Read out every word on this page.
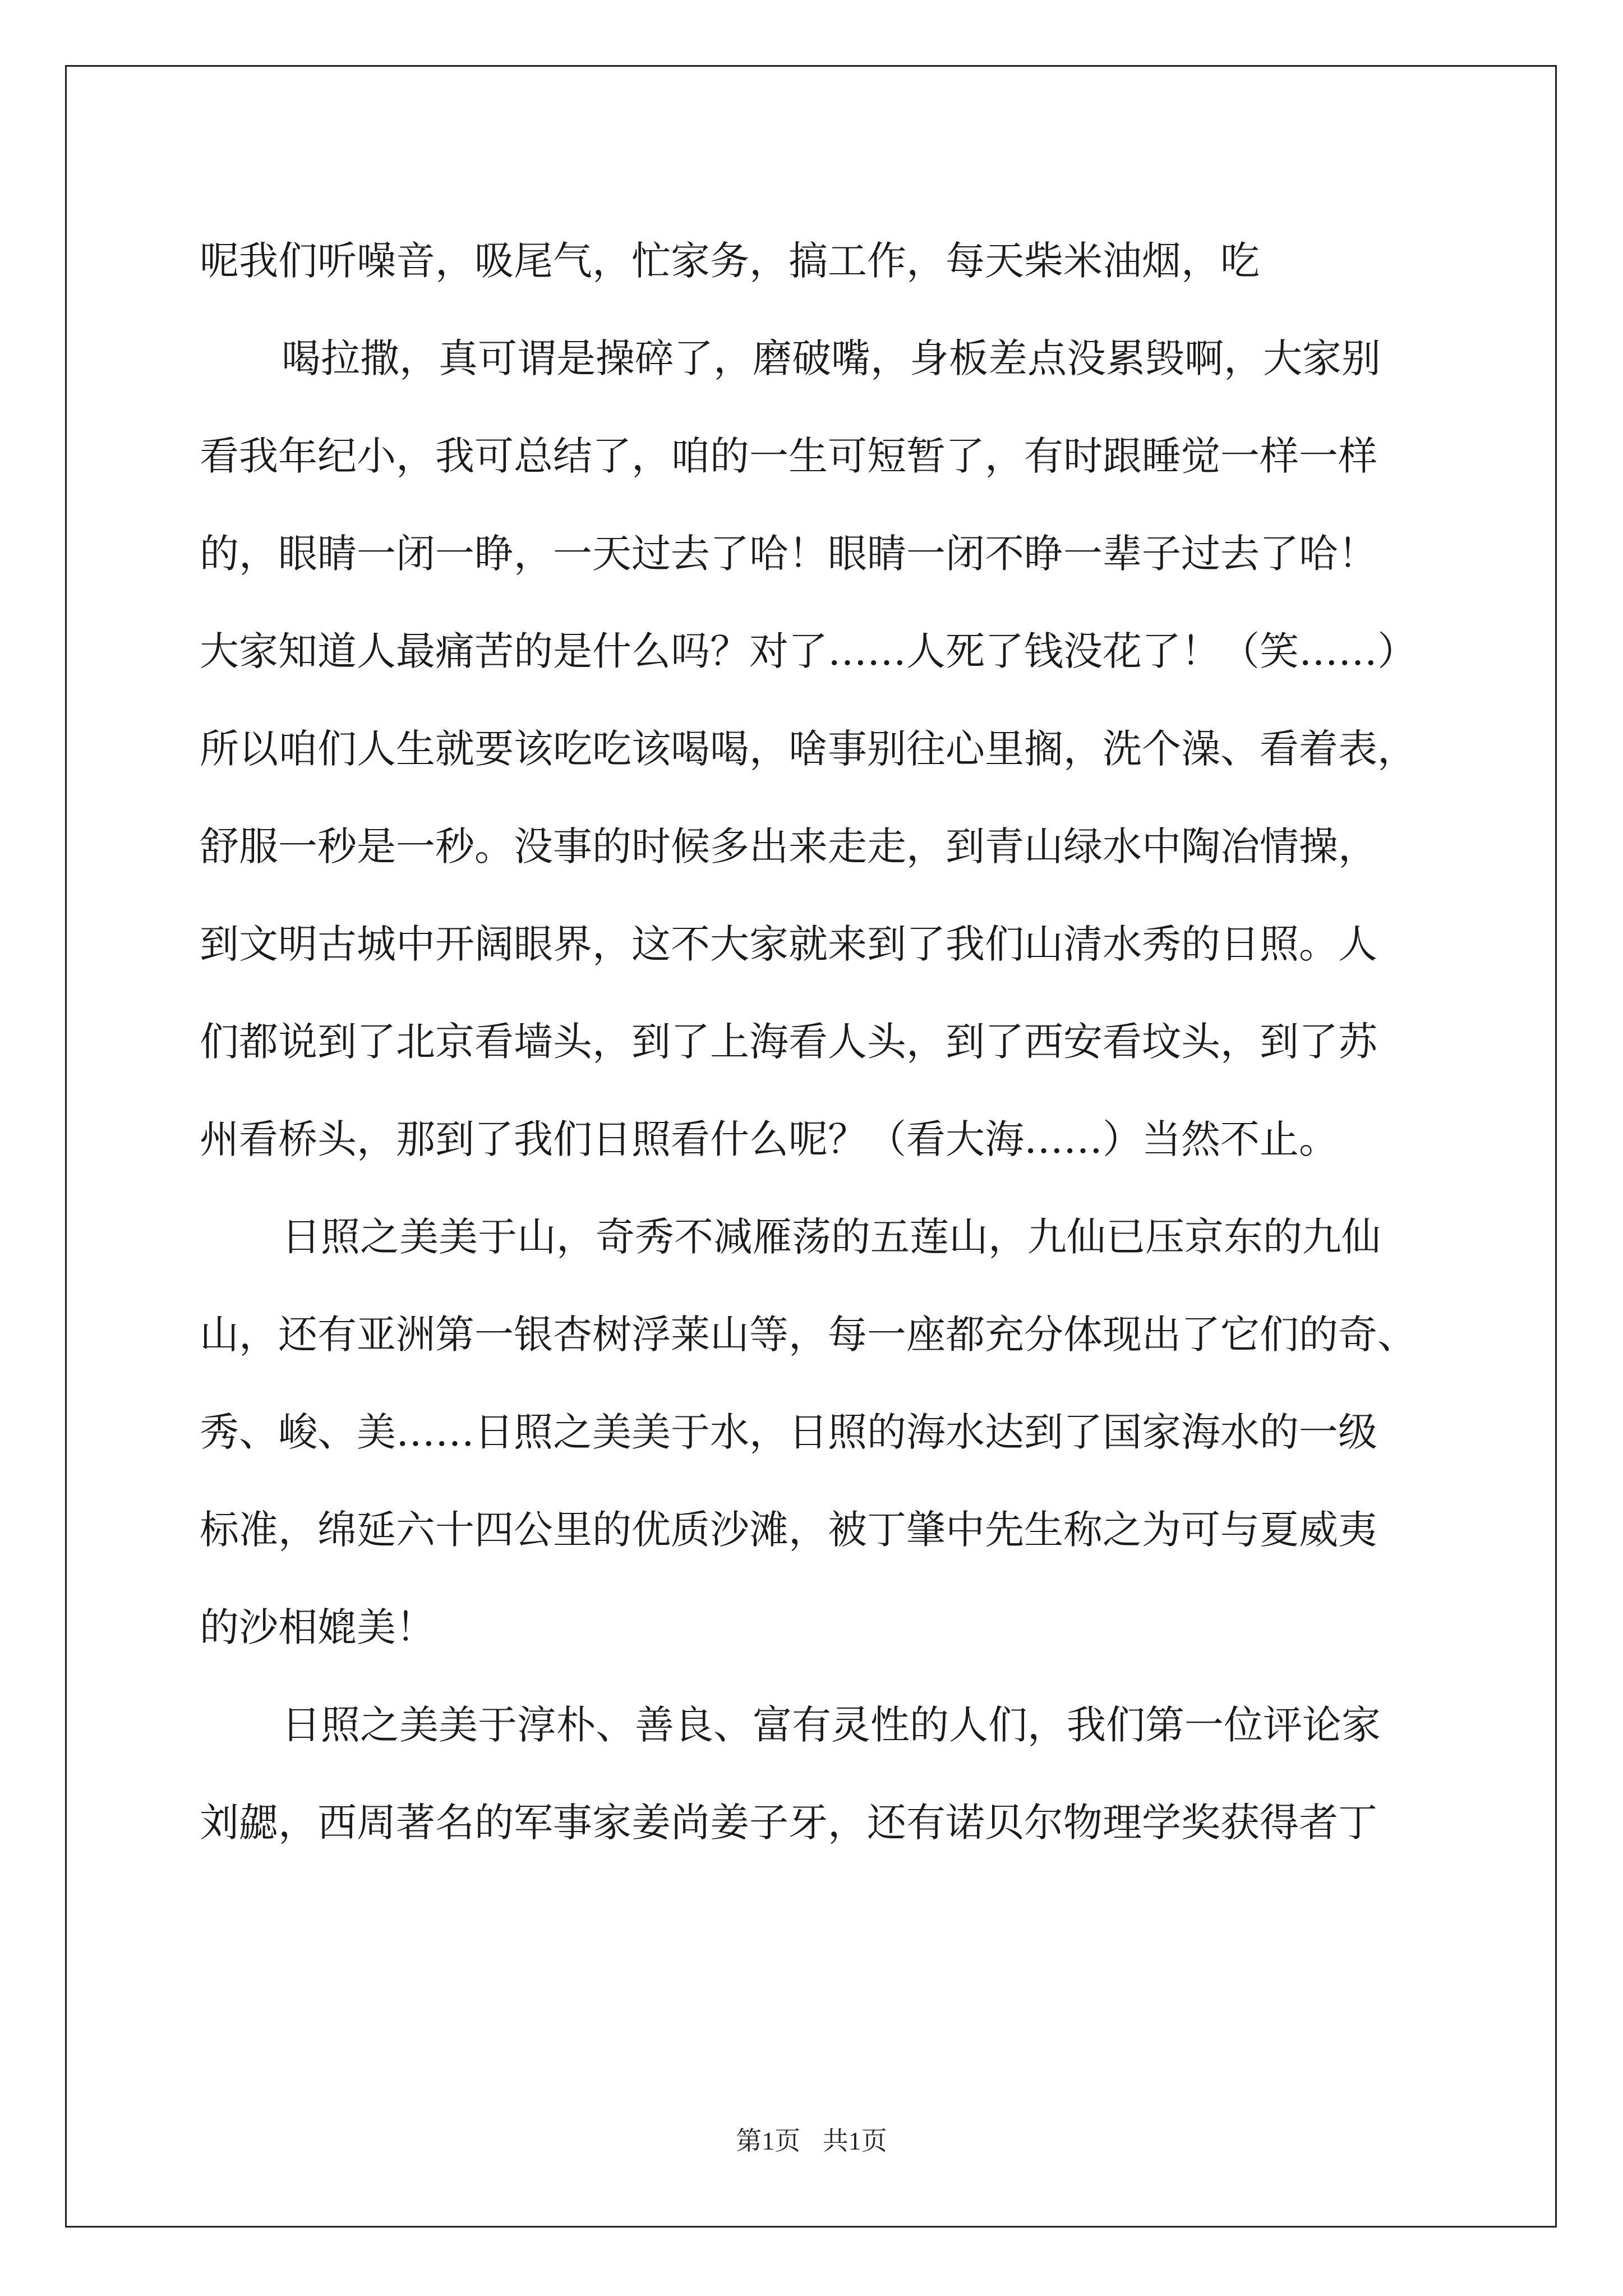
呢我们听噪音，吸尾气，忙家务，搞工作，每天柴米油烟，吃
喝拉撒，真可谓是操碎了，磨破嘴，身板差点没累毁啊，大家别
看我年纪小，我可总结了，咱的一生可短暂了，有时跟睡觉一样一样
的，眼睛一闭一睁，一天过去了哈！眼睛一闭不睁一辈子过去了哈！
大家知道人最痛苦的是什么吗？对了……人死了钱没花了！（笑……）
所以咱们人生就要该吃吃该喝喝，啥事别往心里搁，洗个澡、看着表，
舒服一秒是一秒。没事的时候多出来走走，到青山绿水中陶冶情操，
到文明古城中开阔眼界，这不大家就来到了我们山清水秀的日照。人
们都说到了北京看墙头，到了上海看人头，到了西安看坟头，到了苏
州看桥头，那到了我们日照看什么呢？（看大海……）当然不止。
日照之美美于山，奇秀不减雁荡的五莲山，九仙已压京东的九仙
山，还有亚洲第一银杏树浮莱山等，每一座都充分体现出了它们的奇、
秀、峻、美……日照之美美于水，日照的海水达到了国家海水的一级
标准，绵延六十四公里的优质沙滩，被丁肇中先生称之为可与夏威夷
的沙相媲美！
日照之美美于淳朴、善良、富有灵性的人们，我们第一位评论家
刘勰，西周著名的军事家姜尚姜子牙，还有诺贝尔物理学奖获得者丁
第1页 共1页
